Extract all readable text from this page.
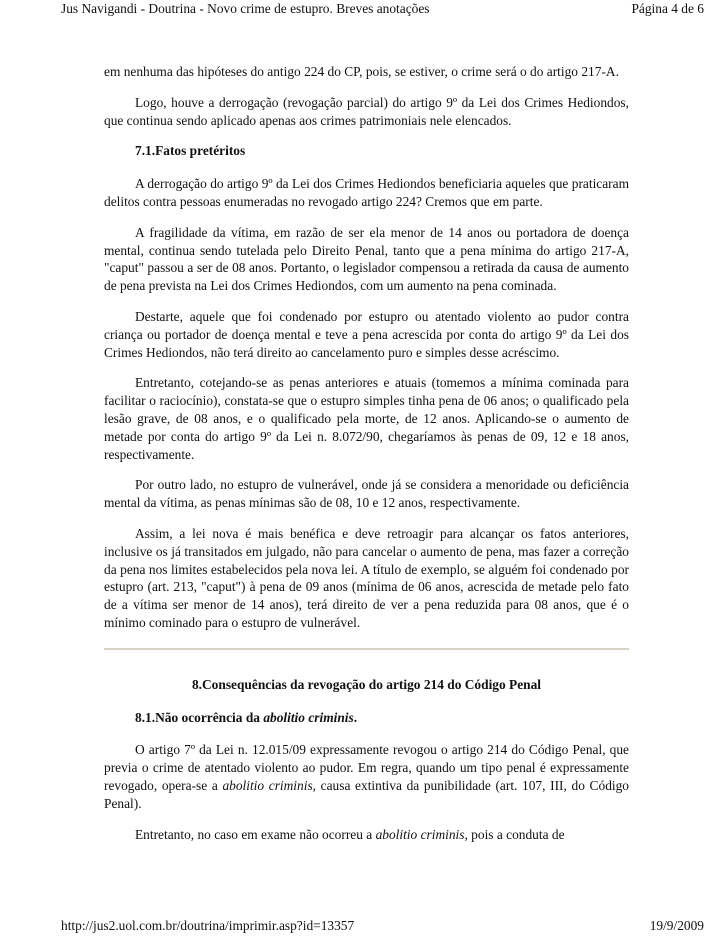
Jus Navigandi - Doutrina - Novo crime de estupro. Breves anotações	Página 4 de 6

em nenhuma das hipóteses do antigo 224 do CP, pois, se estiver, o crime será o do artigo 217-A.

Logo, houve a derrogação (revogação parcial) do artigo 9º da Lei dos Crimes Hediondos, que continua sendo aplicado apenas aos crimes patrimoniais nele elencados.

7.1.Fatos pretéritos

A derrogação do artigo 9º da Lei dos Crimes Hediondos beneficiaria aqueles que praticaram delitos contra pessoas enumeradas no revogado artigo 224? Cremos que em parte.

A fragilidade da vítima, em razão de ser ela menor de 14 anos ou portadora de doença mental, continua sendo tutelada pelo Direito Penal, tanto que a pena mínima do artigo 217-A, "caput" passou a ser de 08 anos. Portanto, o legislador compensou a retirada da causa de aumento de pena prevista na Lei dos Crimes Hediondos, com um aumento na pena cominada.

Destarte, aquele que foi condenado por estupro ou atentado violento ao pudor contra criança ou portador de doença mental e teve a pena acrescida por conta do artigo 9º da Lei dos Crimes Hediondos, não terá direito ao cancelamento puro e simples desse acréscimo.

Entretanto, cotejando-se as penas anteriores e atuais (tomemos a mínima cominada para facilitar o raciocínio), constata-se que o estupro simples tinha pena de 06 anos; o qualificado pela lesão grave, de 08 anos, e o qualificado pela morte, de 12 anos. Aplicando-se o aumento de metade por conta do artigo 9º da Lei n. 8.072/90, chegaríamos às penas de 09, 12 e 18 anos, respectivamente.

Por outro lado, no estupro de vulnerável, onde já se considera a menoridade ou deficiência mental da vítima, as penas mínimas são de 08, 10 e 12 anos, respectivamente.

Assim, a lei nova é mais benéfica e deve retroagir para alcançar os fatos anteriores, inclusive os já transitados em julgado, não para cancelar o aumento de pena, mas fazer a correção da pena nos limites estabelecidos pela nova lei. A título de exemplo, se alguém foi condenado por estupro (art. 213, "caput") à pena de 09 anos (mínima de 06 anos, acrescida de metade pelo fato de a vítima ser menor de 14 anos), terá direito de ver a pena reduzida para 08 anos, que é o mínimo cominado para o estupro de vulnerável.

8.Consequências da revogação do artigo 214 do Código Penal
8.1.Não ocorrência da abolitio criminis.

O artigo 7º da Lei n. 12.015/09 expressamente revogou o artigo 214 do Código Penal, que previa o crime de atentado violento ao pudor. Em regra, quando um tipo penal é expressamente revogado, opera-se a abolitio criminis, causa extintiva da punibilidade (art. 107, III, do Código Penal).

Entretanto, no caso em exame não ocorreu a abolitio criminis, pois a conduta de

http://jus2.uol.com.br/doutrina/imprimir.asp?id=13357	19/9/2009
